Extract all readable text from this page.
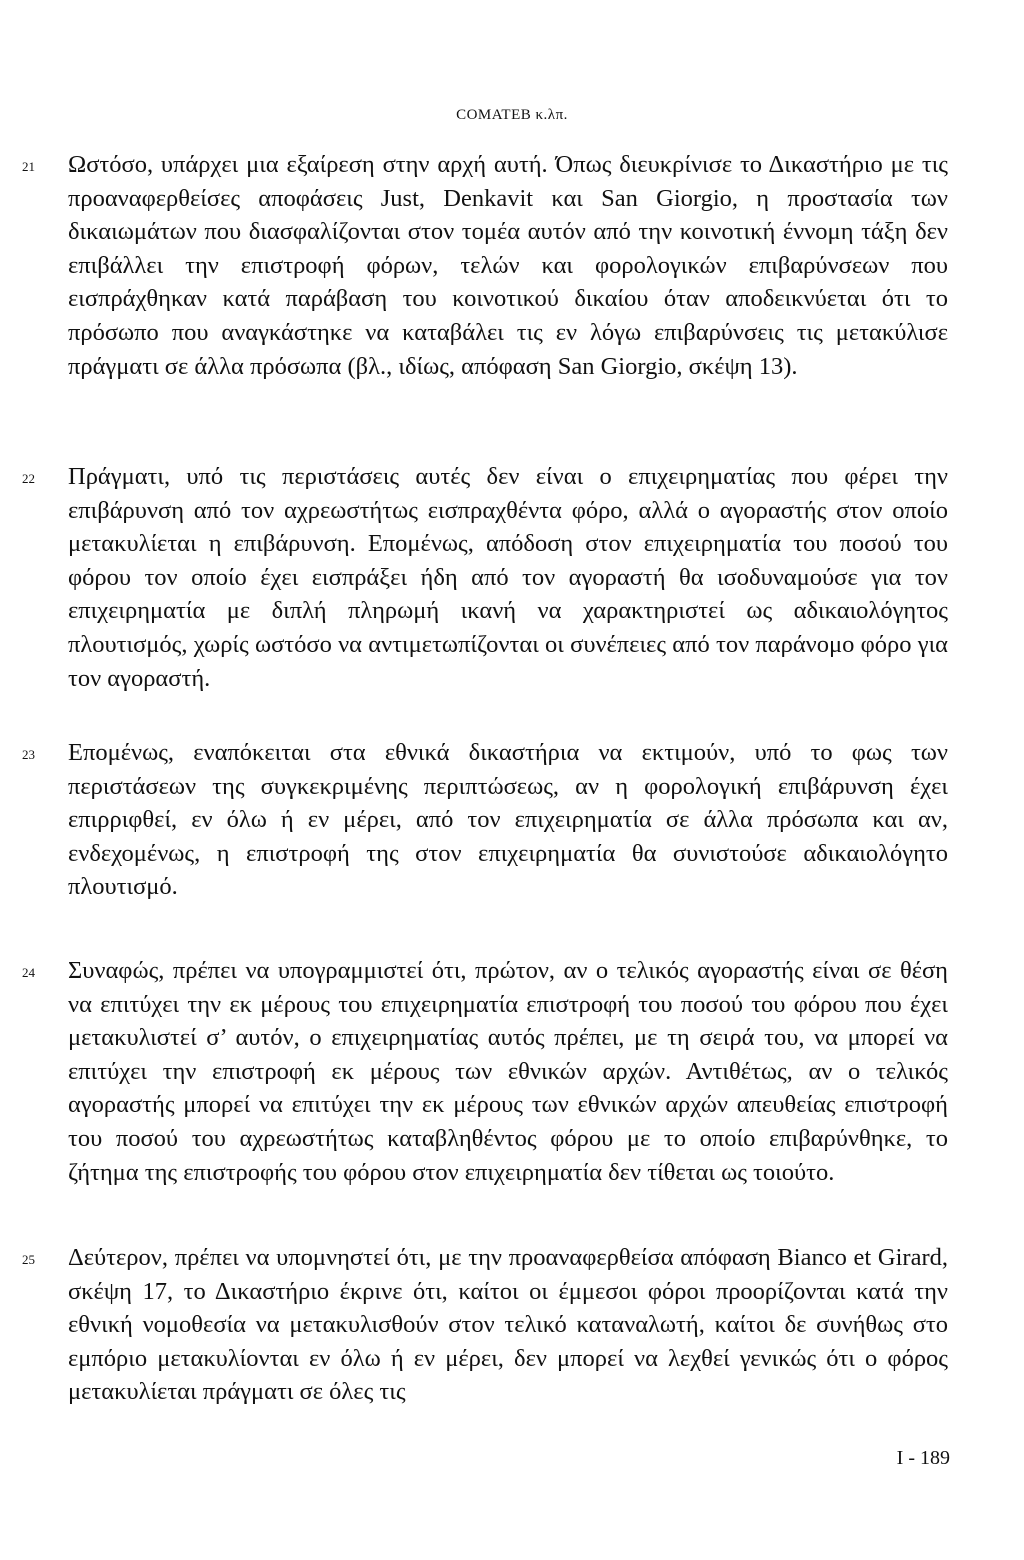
COMATEB κ.λπ.
21 Ωστόσο, υπάρχει μια εξαίρεση στην αρχή αυτή. Όπως διευκρίνισε το Δικαστήριο με τις προαναφερθείσες αποφάσεις Just, Denkavit και San Giorgio, η προστασία των δικαιωμάτων που διασφαλίζονται στον τομέα αυτόν από την κοινοτική έννομη τάξη δεν επιβάλλει την επιστροφή φόρων, τελών και φορολογικών επιβαρύνσεων που εισπράχθηκαν κατά παράβαση του κοινοτικού δικαίου όταν αποδεικνύεται ότι το πρόσωπο που αναγκάστηκε να καταβάλει τις εν λόγω επιβαρύνσεις τις μετακύλισε πράγματι σε άλλα πρόσωπα (βλ., ιδίως, απόφαση San Giorgio, σκέψη 13).
22 Πράγματι, υπό τις περιστάσεις αυτές δεν είναι ο επιχειρηματίας που φέρει την επιβάρυνση από τον αχρεωστήτως εισπραχθέντα φόρο, αλλά ο αγοραστής στον οποίο μετακυλίεται η επιβάρυνση. Επομένως, απόδοση στον επιχειρηματία του ποσού του φόρου τον οποίο έχει εισπράξει ήδη από τον αγοραστή θα ισοδυναμούσε για τον επιχειρηματία με διπλή πληρωμή ικανή να χαρακτηριστεί ως αδικαιολόγητος πλουτισμός, χωρίς ωστόσο να αντιμετωπίζονται οι συνέπειες από τον παράνομο φόρο για τον αγοραστή.
23 Επομένως, εναπόκειται στα εθνικά δικαστήρια να εκτιμούν, υπό το φως των περιστάσεων της συγκεκριμένης περιπτώσεως, αν η φορολογική επιβάρυνση έχει επιρριφθεί, εν όλω ή εν μέρει, από τον επιχειρηματία σε άλλα πρόσωπα και αν, ενδεχομένως, η επιστροφή της στον επιχειρηματία θα συνιστούσε αδικαιολόγητο πλουτισμό.
24 Συναφώς, πρέπει να υπογραμμιστεί ότι, πρώτον, αν ο τελικός αγοραστής είναι σε θέση να επιτύχει την εκ μέρους του επιχειρηματία επιστροφή του ποσού του φόρου που έχει μετακυλιστεί σ’ αυτόν, ο επιχειρηματίας αυτός πρέπει, με τη σειρά του, να μπορεί να επιτύχει την επιστροφή εκ μέρους των εθνικών αρχών. Αντιθέτως, αν ο τελικός αγοραστής μπορεί να επιτύχει την εκ μέρους των εθνικών αρχών απευθείας επιστροφή του ποσού του αχρεωστήτως καταβληθέντος φόρου με το οποίο επιβαρύνθηκε, το ζήτημα της επιστροφής του φόρου στον επιχειρηματία δεν τίθεται ως τοιούτο.
25 Δεύτερον, πρέπει να υπομνηστεί ότι, με την προαναφερθείσα απόφαση Bianco et Girard, σκέψη 17, το Δικαστήριο έκρινε ότι, καίτοι οι έμμεσοι φόροι προορίζονται κατά την εθνική νομοθεσία να μετακυλισθούν στον τελικό καταναλωτή, καίτοι δε συνήθως στο εμπόριο μετακυλίονται εν όλω ή εν μέρει, δεν μπορεί να λεχθεί γενικώς ότι ο φόρος μετακυλίεται πράγματι σε όλες τις
I - 189
